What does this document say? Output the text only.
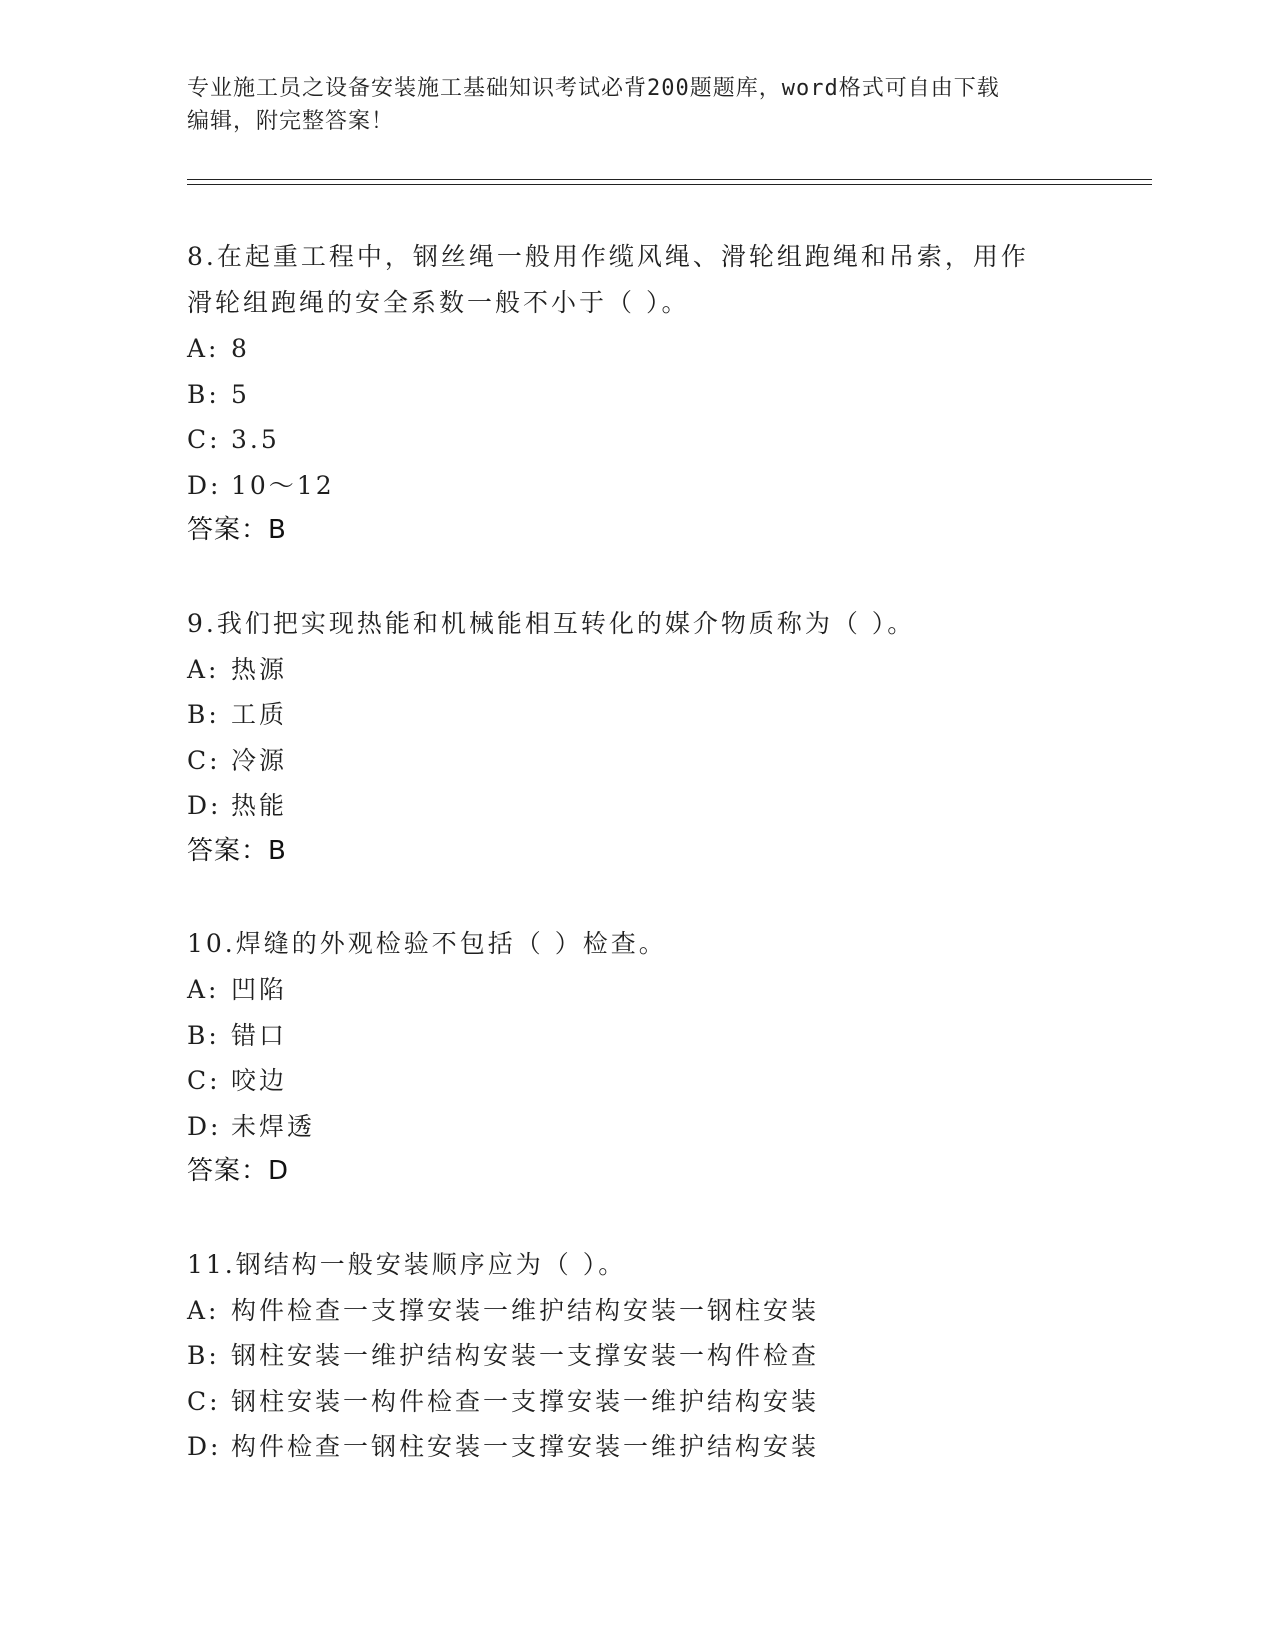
专业施工员之设备安装施工基础知识考试必背200题题库，word格式可自由下载
编辑，附完整答案！
8.在起重工程中，钢丝绳一般用作缆风绳、滑轮组跑绳和吊索，用作
滑轮组跑绳的安全系数一般不小于（ ）。
A: 8
B: 5
C: 3.5
D: 10～12
答案：B
9.我们把实现热能和机械能相互转化的媒介物质称为（ ）。
A: 热源
B: 工质
C: 冷源
D: 热能
答案：B
10.焊缝的外观检验不包括（ ）检查。
A: 凹陷
B: 错口
C: 咬边
D: 未焊透
答案：D
11.钢结构一般安装顺序应为（ ）。
A: 构件检查一支撑安装一维护结构安装一钢柱安装
B: 钢柱安装一维护结构安装一支撑安装一构件检查
C: 钢柱安装一构件检查一支撑安装一维护结构安装
D: 构件检查一钢柱安装一支撑安装一维护结构安装
